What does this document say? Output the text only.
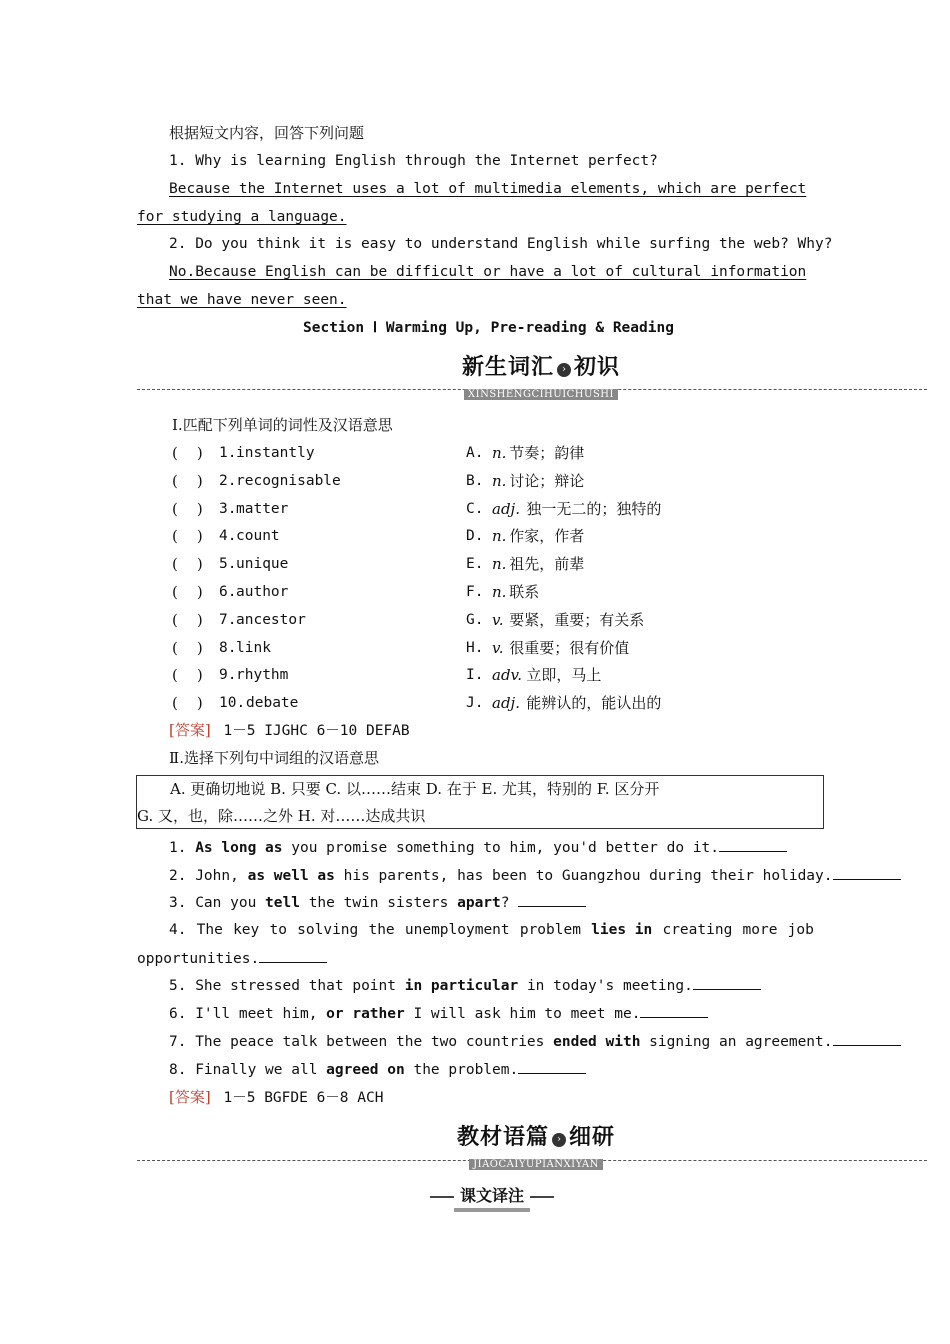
根据短文内容，回答下列问题
1. Why is learning English through the Internet perfect?
Because the Internet uses a lot of multimedia elements, which are perfect
for studying a language.
2. Do you think it is easy to understand English while surfing the web? Why?
No.Because English can be difficult or have a lot of cultural information
that we have never seen.
Section Ⅰ Warming Up, Pre-reading & Reading
新生词汇 › 初识
XINSHENGCIHUICHUSHI
Ⅰ.匹配下列单词的词性及汉语意思
(    ) 1. instantly	A. n. 节奏；韵律
(    ) 2. recognisable	B. n. 讨论；辩论
(    ) 3. matter	C. adj. 独一无二的；独特的
(    ) 4. count	D. n. 作家，作者
(    ) 5. unique	E. n. 祖先，前辈
(    ) 6. author	F. n. 联系
(    ) 7. ancestor	G. v. 要紧，重要；有关系
(    ) 8. link	H. v. 很重要；很有价值
(    ) 9. rhythm	I. adv. 立即，马上
(    ) 10. debate	J. adj. 能辨认的，能认出的
[答案] 1－5 IJGHC 6－10 DEFAB
Ⅱ.选择下列句中词组的汉语意思
A. 更确切地说 B. 只要 C. 以……结束 D. 在于 E. 尤其，特别的 F. 区分开
G. 又，也，除……之外 H. 对……达成共识
1. As long as you promise something to him, you'd better do it.
2. John, as well as his parents, has been to Guangzhou during their holiday.
3. Can you tell the twin sisters apart?
5. She stressed that point in particular in today's meeting.
6. I'll meet him, or rather I will ask him to meet me.
7. The peace talk between the two countries ended with signing an agreement.
8. Finally we all agreed on the problem.
4. The key to solving the unemployment problem lies in creating more job
opportunities.
[答案] 1－5 BGFDE 6－8 ACH
教材语篇 › 细研
JIAOCAIYUPIANXIYAN
课文译注
